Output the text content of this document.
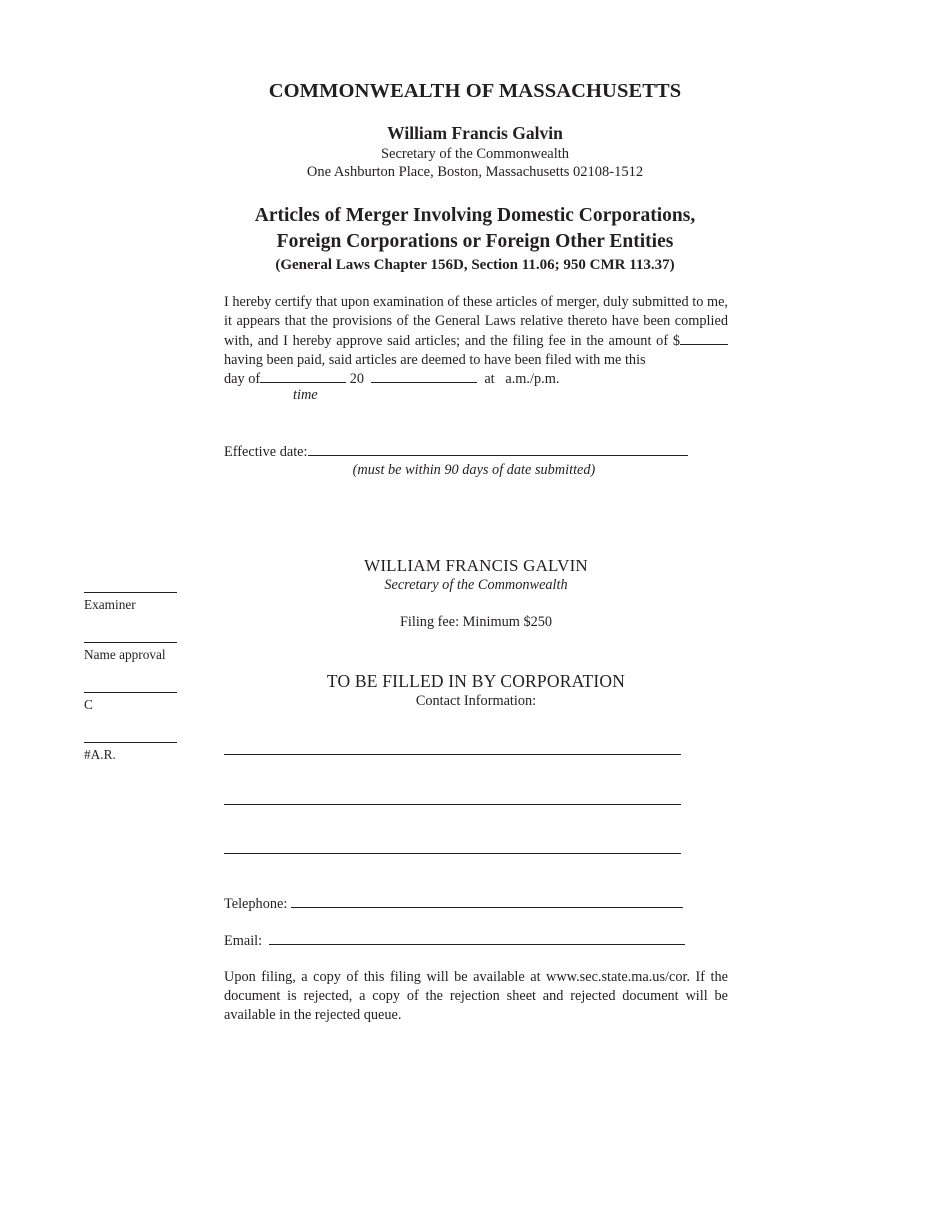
COMMONWEALTH OF MASSACHUSETTS
William Francis Galvin
Secretary of the Commonwealth
One Ashburton Place, Boston, Massachusetts 02108-1512
Articles of Merger Involving Domestic Corporations,
Foreign Corporations or Foreign Other Entities
(General Laws Chapter 156D, Section 11.06; 950 CMR 113.37)
I hereby certify that upon examination of these articles of merger, duly submitted to me, it appears that the provisions of the General Laws relative thereto have been complied with, and I hereby approve said articles; and the filing fee in the amount of $ having been paid, said articles are deemed to have been filed with me this
day of	20	at a.m./p.m.
time
Effective date:
(must be within 90 days of date submitted)
WILLIAM FRANCIS GALVIN
Secretary of the Commonwealth
Filing fee: Minimum $250
Examiner
Name approval
C
#A.R.
TO BE FILLED IN BY CORPORATION
Contact Information:
Telephone:
Email:
Upon filing, a copy of this filing will be available at www.sec.state.ma.us/cor. If the document is rejected, a copy of the rejection sheet and rejected document will be available in the rejected queue.
